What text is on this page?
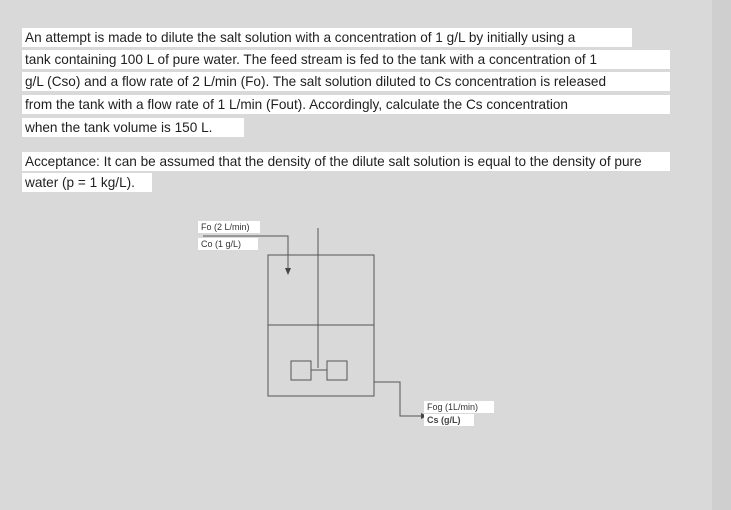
An attempt is made to dilute the salt solution with a concentration of 1 g/L by initially using a
tank containing 100 L of pure water. The feed stream is fed to the tank with a concentration of 1
g/L (Cso) and a flow rate of 2 L/min (Fo). The salt solution diluted to Cs concentration is released
from the tank with a flow rate of 1 L/min (Fout). Accordingly, calculate the Cs concentration
when the tank volume is 150 L.
Acceptance: It can be assumed that the density of the dilute salt solution is equal to the density of pure
water (p = 1 kg/L).
Fo (2 L/min)
Co (1 g/L)
Fog (1L/min)
Cs (g/L)
